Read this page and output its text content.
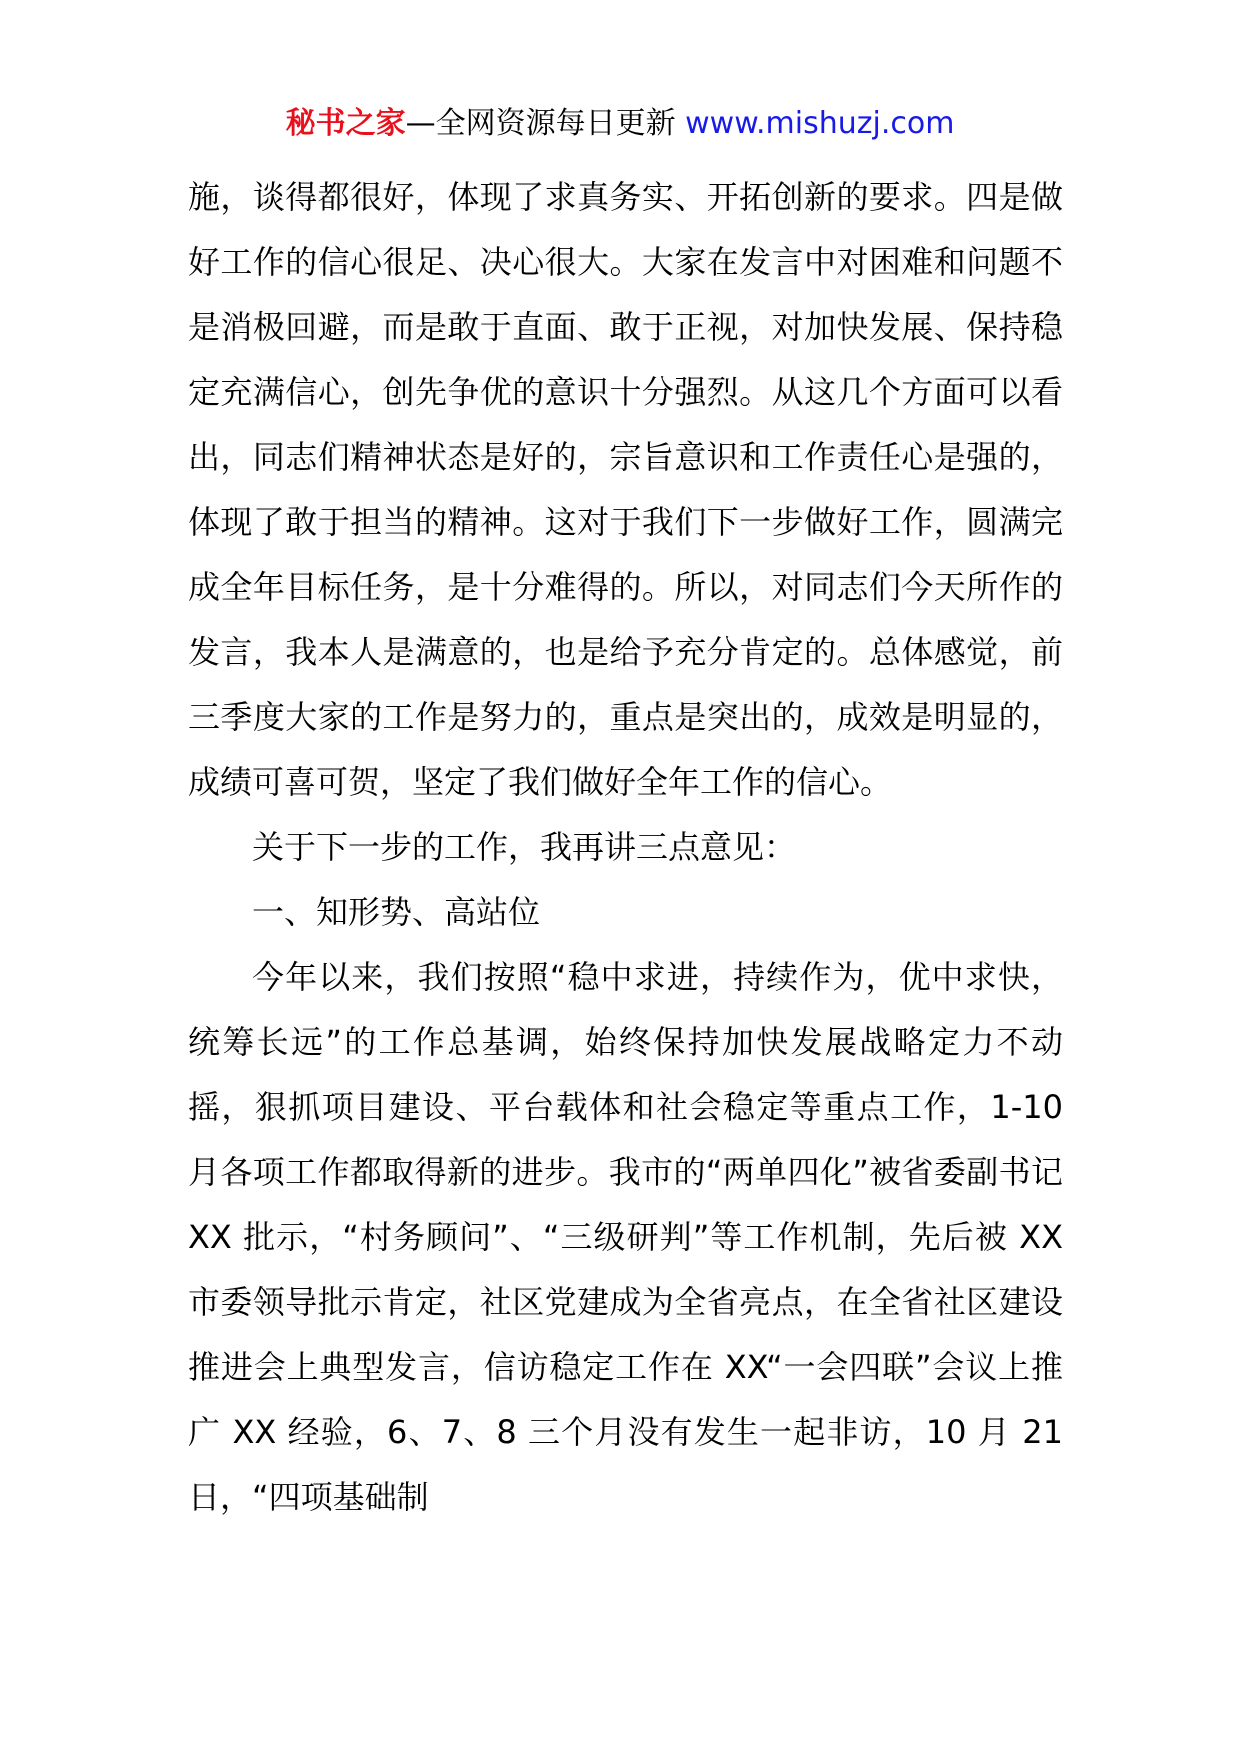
秘书之家—全网资源每日更新 www.mishuzj.com

施，谈得都很好，体现了求真务实、开拓创新的要求。四是做好工作的信心很足、决心很大。大家在发言中对困难和问题不是消极回避，而是敢于直面、敢于正视，对加快发展、保持稳定充满信心，创先争优的意识十分强烈。从这几个方面可以看出，同志们精神状态是好的，宗旨意识和工作责任心是强的，体现了敢于担当的精神。这对于我们下一步做好工作，圆满完成全年目标任务，是十分难得的。所以，对同志们今天所作的发言，我本人是满意的，也是给予充分肯定的。总体感觉，前三季度大家的工作是努力的，重点是突出的，成效是明显的，成绩可喜可贺，坚定了我们做好全年工作的信心。

关于下一步的工作，我再讲三点意见：

一、知形势、高站位

今年以来，我们按照“稳中求进，持续作为，优中求快，统筹长远”的工作总基调，始终保持加快发展战略定力不动摇，狠抓项目建设、平台载体和社会稳定等重点工作，1-10 月各项工作都取得新的进步。我市的“两单四化”被省委副书记 XX 批示，“村务顾问”、“三级研判”等工作机制，先后被 XX 市委领导批示肯定，社区党建成为全省亮点，在全省社区建设推进会上典型发言，信访稳定工作在 XX“一会四联”会议上推广 XX 经验，6、7、8 三个月没有发生一起非访，10 月 21 日，“四项基础制
